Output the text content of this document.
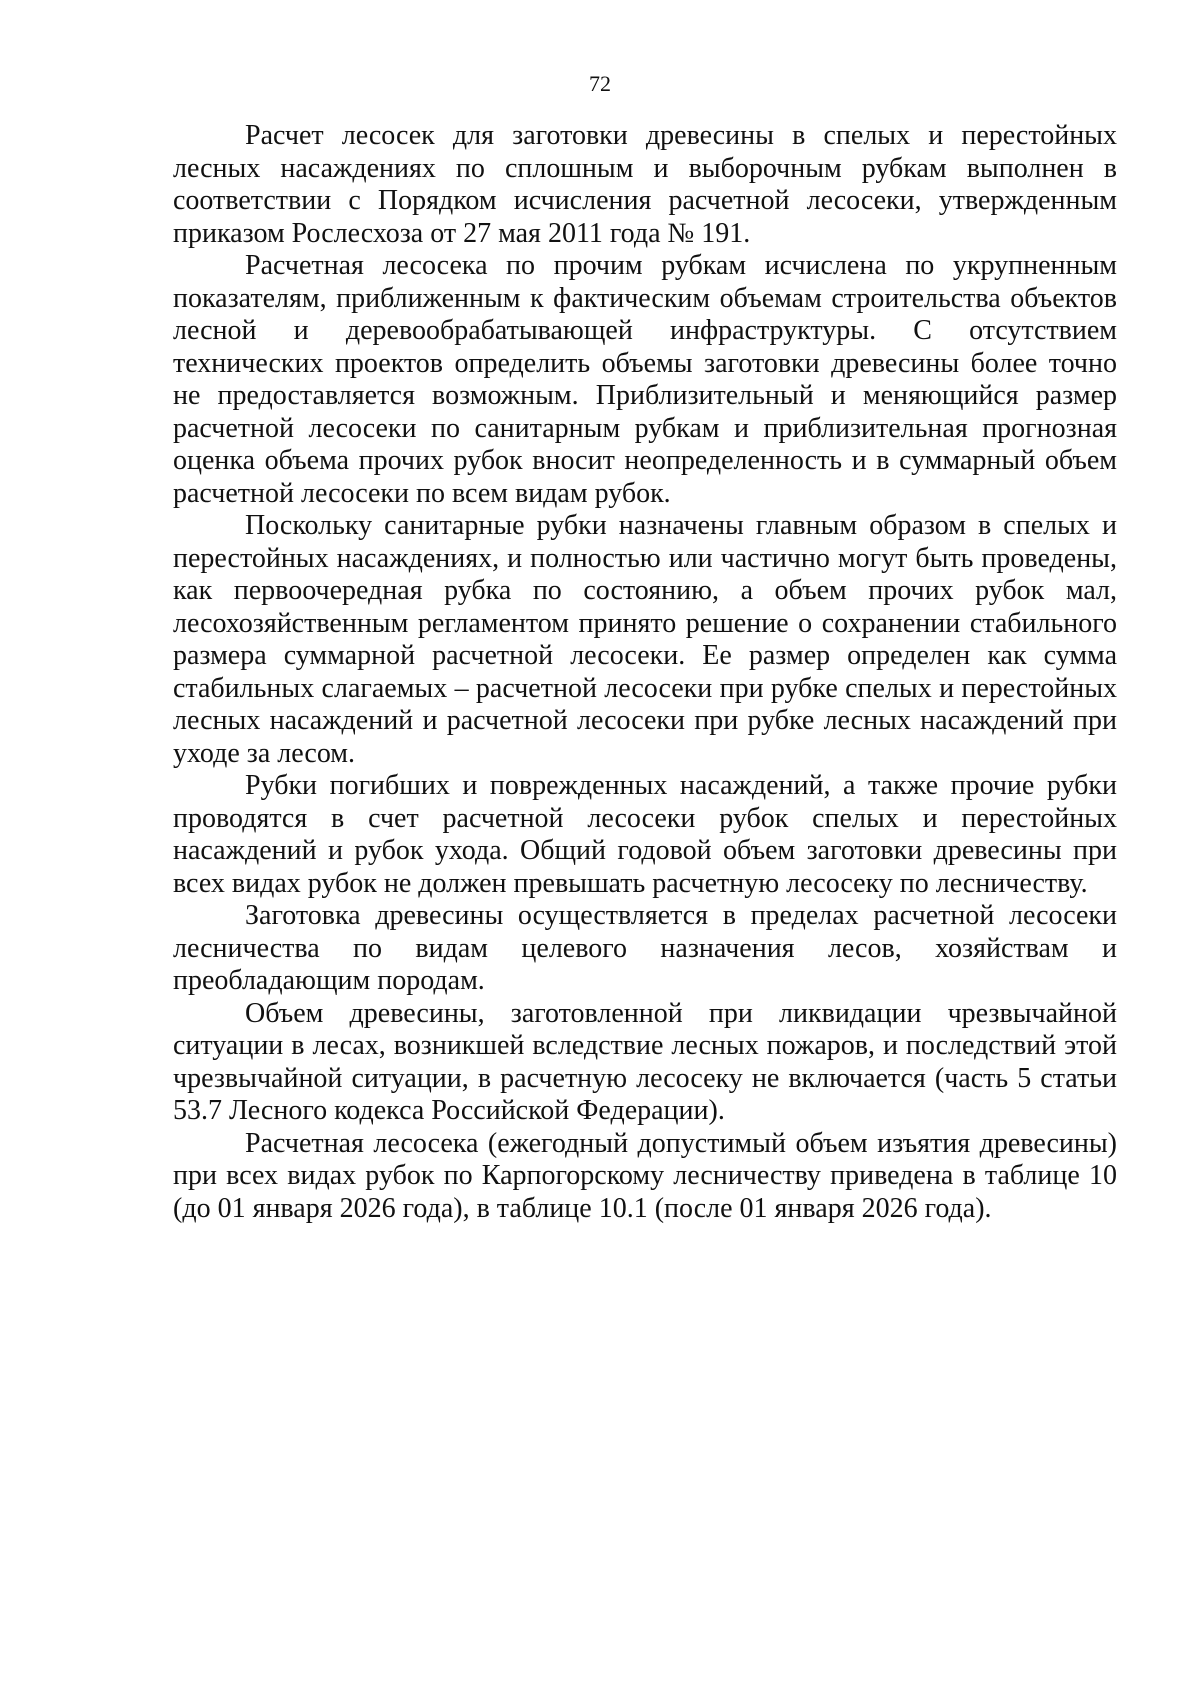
72

Расчет лесосек для заготовки древесины в спелых и перестойных лесных насаждениях по сплошным и выборочным рубкам выполнен в соответствии с Порядком исчисления расчетной лесосеки, утвержденным приказом Рослесхоза от 27 мая 2011 года № 191.

Расчетная лесосека по прочим рубкам исчислена по укрупненным показателям, приближенным к фактическим объемам строительства объектов лесной и деревообрабатывающей инфраструктуры. С отсутствием технических проектов определить объемы заготовки древесины более точно не предоставляется возможным. Приблизительный и меняющийся размер расчетной лесосеки по санитарным рубкам и приблизительная прогнозная оценка объема прочих рубок вносит неопределенность и в суммарный объем расчетной лесосеки по всем видам рубок.

Поскольку санитарные рубки назначены главным образом в спелых и перестойных насаждениях, и полностью или частично могут быть проведены, как первоочередная рубка по состоянию, а объем прочих рубок мал, лесохозяйственным регламентом принято решение о сохранении стабильного размера суммарной расчетной лесосеки. Ее размер определен как сумма стабильных слагаемых – расчетной лесосеки при рубке спелых и перестойных лесных насаждений и расчетной лесосеки при рубке лесных насаждений при уходе за лесом.

Рубки погибших и поврежденных насаждений, а также прочие рубки проводятся в счет расчетной лесосеки рубок спелых и перестойных насаждений и рубок ухода. Общий годовой объем заготовки древесины при всех видах рубок не должен превышать расчетную лесосеку по лесничеству.

Заготовка древесины осуществляется в пределах расчетной лесосеки лесничества по видам целевого назначения лесов, хозяйствам и преобладающим породам.

Объем древесины, заготовленной при ликвидации чрезвычайной ситуации в лесах, возникшей вследствие лесных пожаров, и последствий этой чрезвычайной ситуации, в расчетную лесосеку не включается (часть 5 статьи 53.7 Лесного кодекса Российской Федерации).

Расчетная лесосека (ежегодный допустимый объем изъятия древесины) при всех видах рубок по Карпогорскому лесничеству приведена в таблице 10 (до 01 января 2026 года), в таблице 10.1 (после 01 января 2026 года).
